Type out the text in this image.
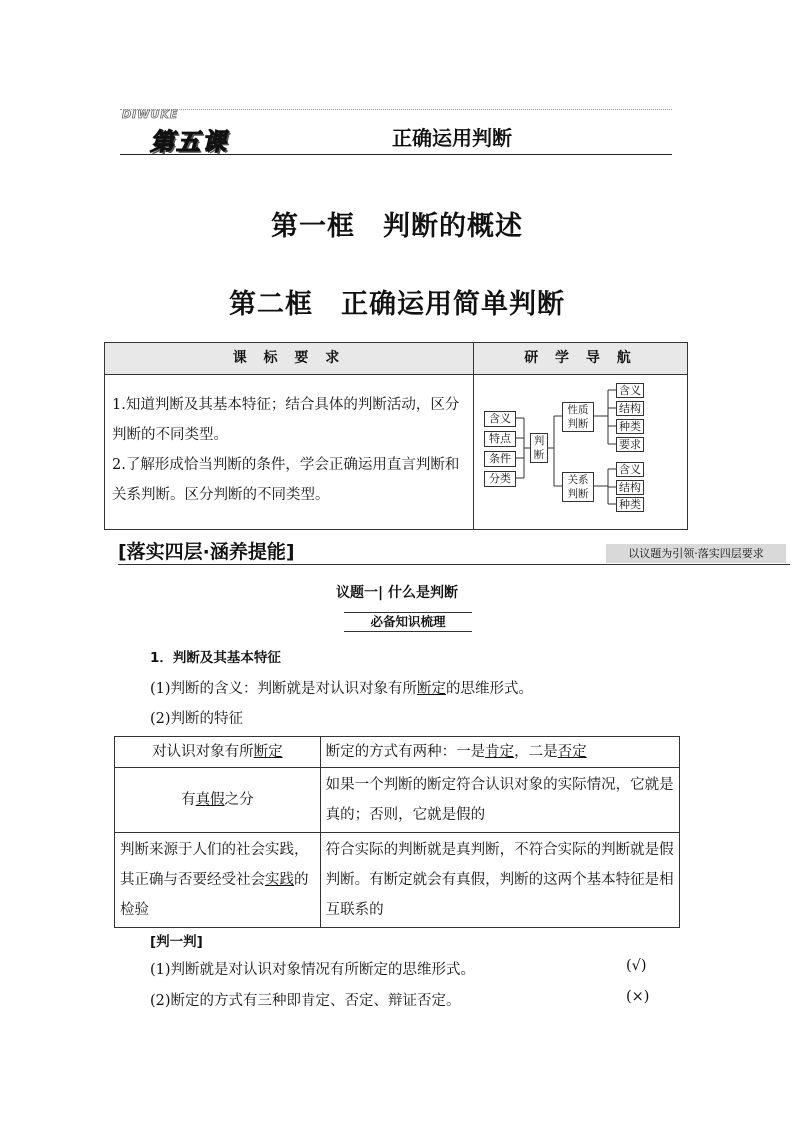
DIWUKE
第五课	正确运用判断
第一框　判断的概述
第二框　正确运用简单判断
课 标 要 求	研 学 导 航
1.知道判断及其基本特征；结合具体的判断活动，区分判断的不同类型。
2.了解形成恰当判断的条件，学会正确运用直言判断和关系判断。区分判断的不同类型。
含义
特点
条件
分类
判断
性质判断
关系判断
含义
结构
种类
要求
含义
结构
种类
[落实四层·涵养提能]	以议题为引领·落实四层要求
议题一| 什么是判断
必备知识梳理
1．判断及其基本特征
(1)判断的含义：判断就是对认识对象有所断定的思维形式。
(2)判断的特征
对认识对象有所断定	断定的方式有两种：一是肯定，二是否定
有真假之分	如果一个判断的断定符合认识对象的实际情况，它就是真的；否则，它就是假的
判断来源于人们的社会实践，其正确与否要经受社会实践的检验	符合实际的判断就是真判断，不符合实际的判断就是假判断。有断定就会有真假，判断的这两个基本特征是相互联系的
[判一判]
(1)判断就是对认识对象情况有所断定的思维形式。	(√)
(2)断定的方式有三种即肯定、否定、辩证否定。	(×)
